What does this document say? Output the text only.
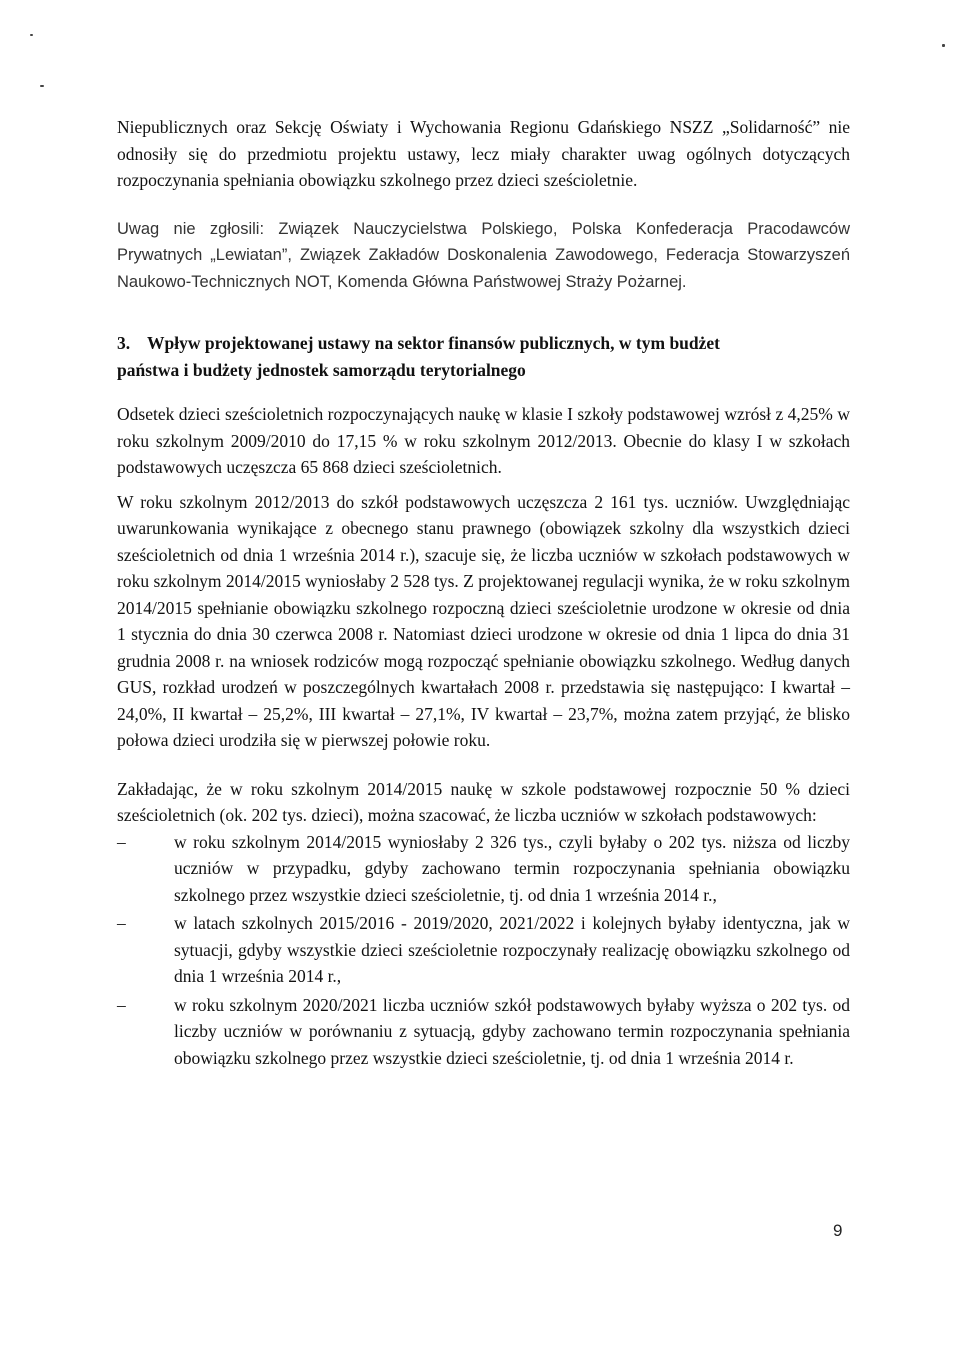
Niepublicznych oraz Sekcję Oświaty i Wychowania Regionu Gdańskiego NSZZ „Solidarność” nie odnosiły się do przedmiotu projektu ustawy, lecz miały charakter uwag ogólnych dotyczących rozpoczynania spełniania obowiązku szkolnego przez dzieci sześcioletnie.

Uwag nie zgłosili: Związek Nauczycielstwa Polskiego, Polska Konfederacja Pracodawców Prywatnych „Lewiatan”, Związek Zakładów Doskonalenia Zawodowego, Federacja Stowarzyszeń Naukowo-Technicznych NOT, Komenda Główna Państwowej Straży Pożarnej.

3. Wpływ projektowanej ustawy na sektor finansów publicznych, w tym budżet

państwa i budżety jednostek samorządu terytorialnego

Odsetek dzieci sześcioletnich rozpoczynających naukę w klasie I szkoły podstawowej wzrósł z 4,25% w roku szkolnym 2009/2010 do 17,15 % w roku szkolnym 2012/2013. Obecnie do klasy I w szkołach podstawowych uczęszcza 65 868 dzieci sześcioletnich.

W roku szkolnym 2012/2013 do szkół podstawowych uczęszcza 2 161 tys. uczniów. Uwzględniając uwarunkowania wynikające z obecnego stanu prawnego (obowiązek szkolny dla wszystkich dzieci sześcioletnich od dnia 1 września 2014 r.), szacuje się, że liczba uczniów w szkołach podstawowych w roku szkolnym 2014/2015 wyniosłaby 2 528 tys. Z projektowanej regulacji wynika, że w roku szkolnym 2014/2015 spełnianie obowiązku szkolnego rozpoczną dzieci sześcioletnie urodzone w okresie od dnia 1 stycznia do dnia 30 czerwca 2008 r. Natomiast dzieci urodzone w okresie od dnia 1 lipca do dnia 31 grudnia 2008 r. na wniosek rodziców mogą rozpocząć spełnianie obowiązku szkolnego. Według danych GUS, rozkład urodzeń w poszczególnych kwartałach 2008 r. przedstawia się następująco: I kwartał – 24,0%, II kwartał – 25,2%, III kwartał – 27,1%, IV kwartał – 23,7%, można zatem przyjąć, że blisko połowa dzieci urodziła się w pierwszej połowie roku.

Zakładając, że w roku szkolnym 2014/2015 naukę w szkole podstawowej rozpocznie 50 % dzieci sześcioletnich (ok. 202 tys. dzieci), można szacować, że liczba uczniów w szkołach podstawowych:

–	w roku szkolnym 2014/2015 wyniosłaby 2 326 tys., czyli byłaby o 202 tys. niższa od liczby uczniów w przypadku, gdyby zachowano termin rozpoczynania spełniania obowiązku szkolnego przez wszystkie dzieci sześcioletnie, tj. od dnia 1 września 2014 r.,
–	w latach szkolnych 2015/2016 - 2019/2020, 2021/2022 i kolejnych byłaby identyczna, jak w sytuacji, gdyby wszystkie dzieci sześcioletnie rozpoczynały realizację obowiązku szkolnego od dnia 1 września 2014 r.,
–	w roku szkolnym 2020/2021 liczba uczniów szkół podstawowych byłaby wyższa o 202 tys. od liczby uczniów w porównaniu z sytuacją, gdyby zachowano termin rozpoczynania spełniania obowiązku szkolnego przez wszystkie dzieci sześcioletnie, tj. od dnia 1 września 2014 r.
9
